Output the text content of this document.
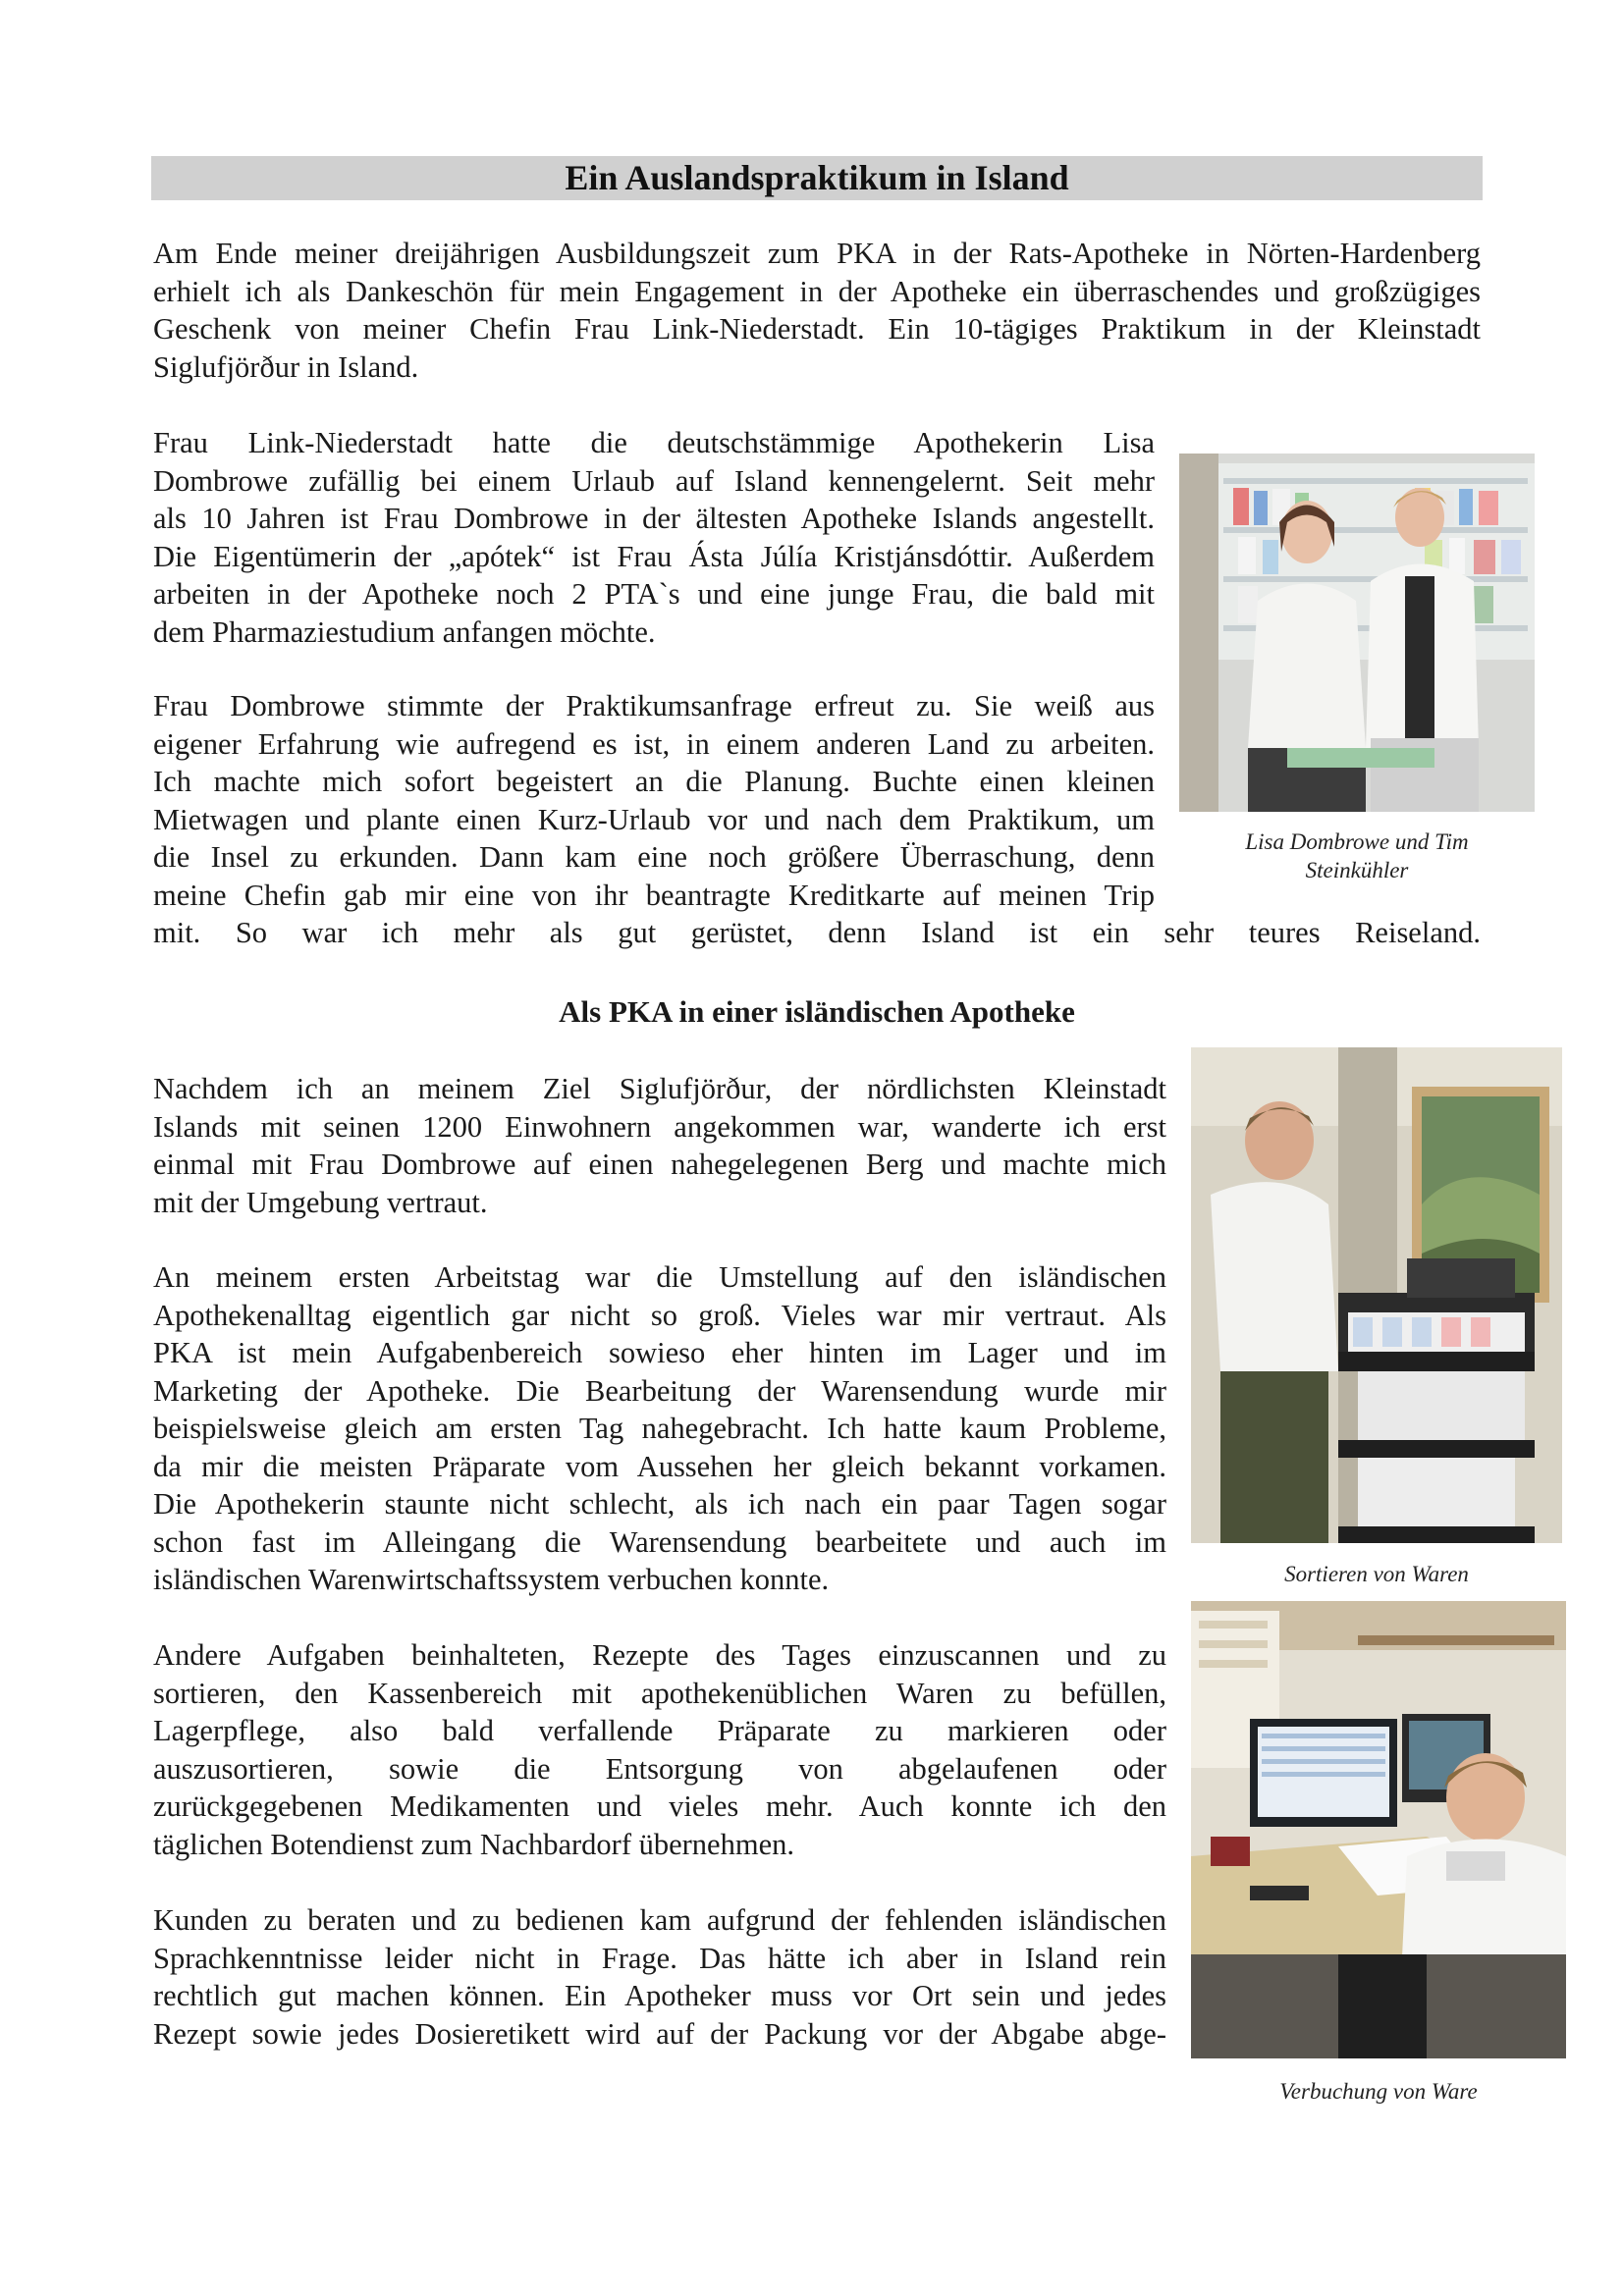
Ein Auslandspraktikum in Island
Am Ende meiner dreijährigen Ausbildungszeit zum PKA in der Rats-Apotheke in Nörten-Hardenberg
erhielt ich als Dankeschön für mein Engagement in der Apotheke ein überraschendes und großzügiges
Geschenk von meiner Chefin Frau Link-Niederstadt. Ein 10-tägiges Praktikum in der Kleinstadt
Siglufjörður in Island.
Frau Link-Niederstadt hatte die deutschstämmige Apothekerin Lisa
Dombrowe zufällig bei einem Urlaub auf Island kennengelernt. Seit mehr
als 10 Jahren ist Frau Dombrowe in der ältesten Apotheke Islands angestellt.
Die Eigentümerin der „apótek“ ist Frau Ásta Júlía Kristjánsdóttir. Außerdem
arbeiten in der Apotheke noch 2 PTA`s und eine junge Frau, die bald mit
dem Pharmaziestudium anfangen möchte.
Frau Dombrowe stimmte der Praktikumsanfrage erfreut zu. Sie weiß aus
eigener Erfahrung wie aufregend es ist, in einem anderen Land zu arbeiten.
Ich machte mich sofort begeistert an die Planung. Buchte einen kleinen
Mietwagen und plante einen Kurz-Urlaub vor und nach dem Praktikum, um
die Insel zu erkunden. Dann kam eine noch größere Überraschung, denn
meine Chefin gab mir eine von ihr beantragte Kreditkarte auf meinen Trip
mit. So war ich mehr als gut gerüstet, denn Island ist ein sehr teures Reiseland.
Lisa Dombrowe und Tim
Steinkühler
Als PKA in einer isländischen Apotheke
Nachdem ich an meinem Ziel Siglufjörður, der nördlichsten Kleinstadt
Islands mit seinen 1200 Einwohnern angekommen war, wanderte ich erst
einmal mit Frau Dombrowe auf einen nahegelegenen Berg und machte mich
mit der Umgebung vertraut.
An meinem ersten Arbeitstag war die Umstellung auf den isländischen
Apothekenalltag eigentlich gar nicht so groß. Vieles war mir vertraut. Als
PKA ist mein Aufgabenbereich sowieso eher hinten im Lager und im
Marketing der Apotheke. Die Bearbeitung der Warensendung wurde mir
beispielsweise gleich am ersten Tag nahegebracht. Ich hatte kaum Probleme,
da mir die meisten Präparate vom Aussehen her gleich bekannt vorkamen.
Die Apothekerin staunte nicht schlecht, als ich nach ein paar Tagen sogar
schon fast im Alleingang die Warensendung bearbeitete und auch im
isländischen Warenwirtschaftssystem verbuchen konnte.	Sortieren von Waren
Andere Aufgaben beinhalteten, Rezepte des Tages einzuscannen und zu
sortieren, den Kassenbereich mit apothekenüblichen Waren zu befüllen,
Lagerpflege, also bald verfallende Präparate zu markieren oder
auszusortieren, sowie die Entsorgung von abgelaufenen oder
zurückgegebenen Medikamenten und vieles mehr. Auch konnte ich den
täglichen Botendienst zum Nachbardorf übernehmen.
Kunden zu beraten und zu bedienen kam aufgrund der fehlenden isländischen
Sprachkenntnisse leider nicht in Frage. Das hätte ich aber in Island rein
rechtlich gut machen können. Ein Apotheker muss vor Ort sein und jedes
Rezept sowie jedes Dosieretikett wird auf der Packung vor der Abgabe abge-
Verbuchung von Ware
